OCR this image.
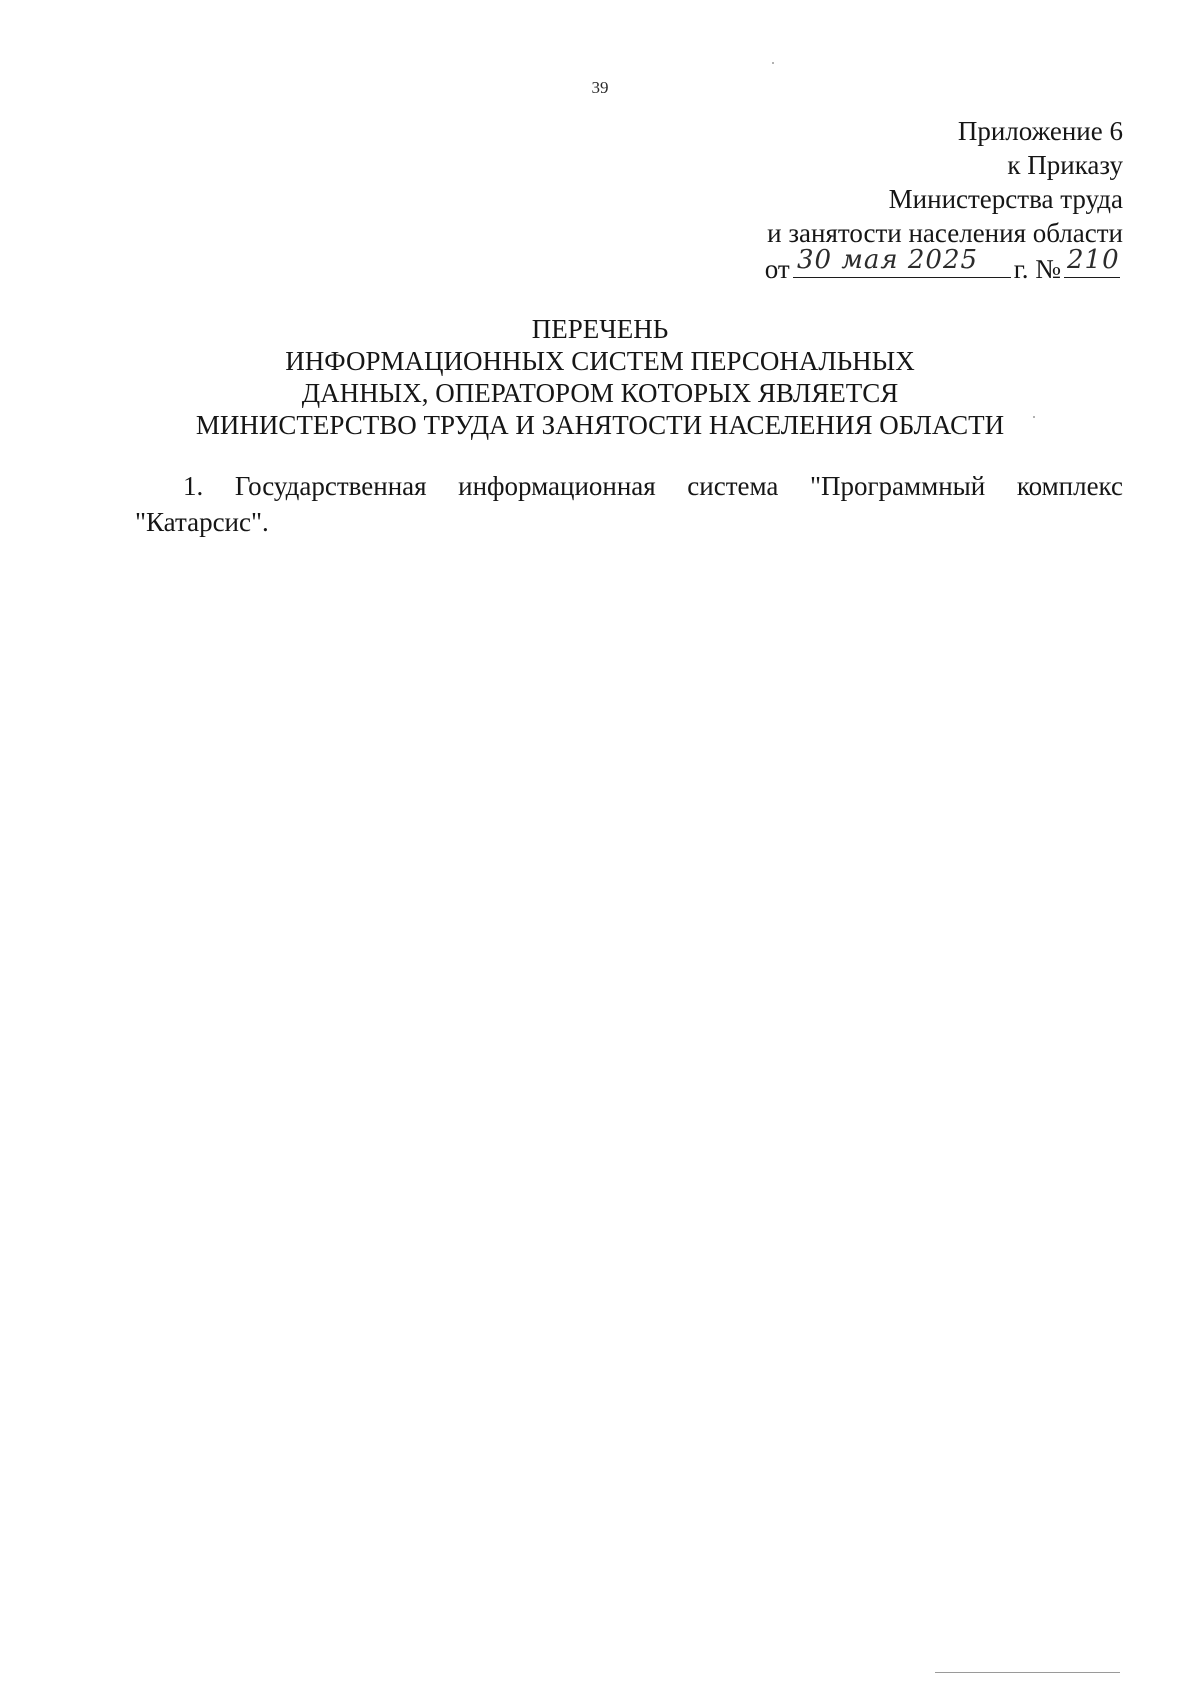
39
Приложение 6
к Приказу
Министерства труда
и занятости населения области
от 30 мая 2025 г. № 210
ПЕРЕЧЕНЬ
ИНФОРМАЦИОННЫХ СИСТЕМ ПЕРСОНАЛЬНЫХ
ДАННЫХ, ОПЕРАТОРОМ КОТОРЫХ ЯВЛЯЕТСЯ
МИНИСТЕРСТВО ТРУДА И ЗАНЯТОСТИ НАСЕЛЕНИЯ ОБЛАСТИ

1. Государственная информационная система "Программный комплекс "Катарсис".
